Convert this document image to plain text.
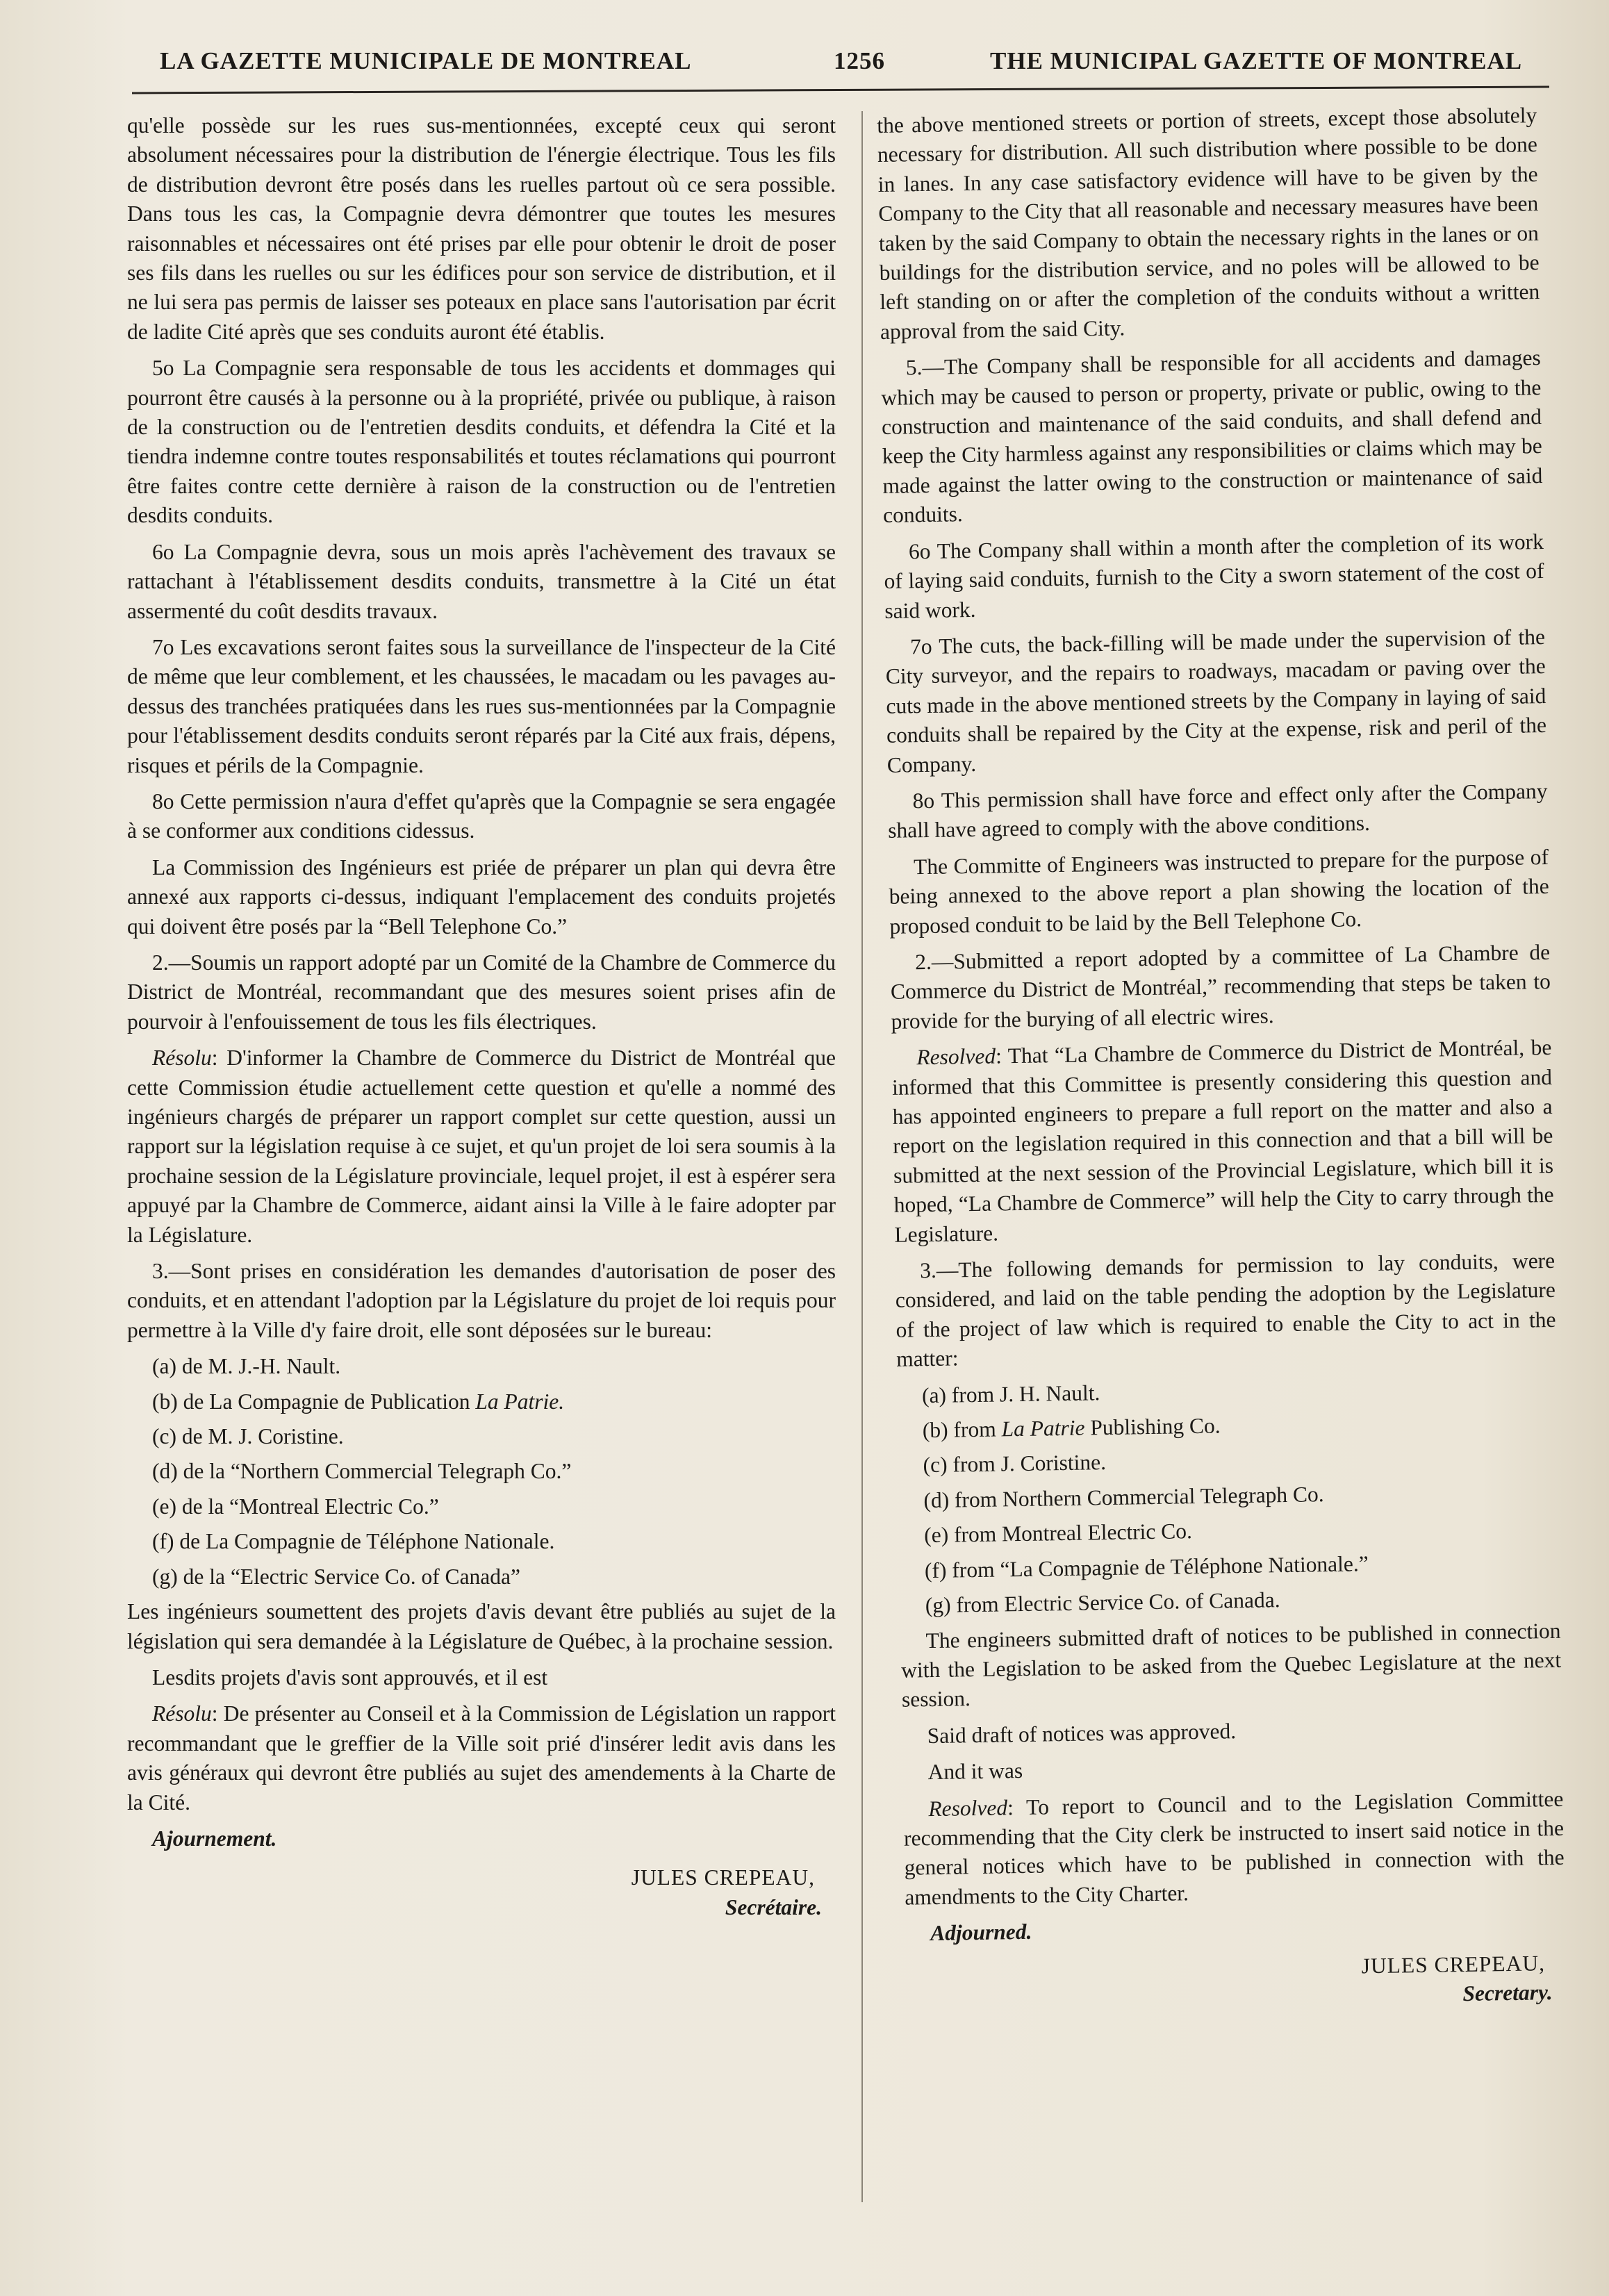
LA GAZETTE MUNICIPALE DE MONTREAL	1256	THE MUNICIPAL GAZETTE OF MONTREAL

qu'elle possède sur les rues sus-mentionnées, excepté ceux qui seront absolument nécessaires pour la distribution de l'énergie électrique. Tous les fils de distribution devront être posés dans les ruelles partout où ce sera possible. Dans tous les cas, la Compagnie devra démontrer que toutes les mesures raisonnables et nécessaires ont été prises par elle pour obtenir le droit de poser ses fils dans les ruelles ou sur les édifices pour son service de distribution, et il ne lui sera pas permis de laisser ses poteaux en place sans l'autorisation par écrit de ladite Cité après que ses conduits auront été établis.

5o La Compagnie sera responsable de tous les accidents et dommages qui pourront être causés à la personne ou à la propriété, privée ou publique, à raison de la construction ou de l'entretien desdits conduits, et défendra la Cité et la tiendra indemne contre toutes responsabilités et toutes réclamations qui pourront être faites contre cette dernière à raison de la construction ou de l'entretien desdits conduits.

6o La Compagnie devra, sous un mois après l'achèvement des travaux se rattachant à l'établissement desdits conduits, transmettre à la Cité un état assermenté du coût desdits travaux.

7o Les excavations seront faites sous la surveillance de l'inspecteur de la Cité de même que leur comblement, et les chaussées, le macadam ou les pavages au-dessus des tranchées pratiquées dans les rues sus-mentionnées par la Compagnie pour l'établissement desdits conduits seront réparés par la Cité aux frais, dépens, risques et périls de la Compagnie.

8o Cette permission n'aura d'effet qu'après que la Compagnie se sera engagée à se conformer aux conditions cidessus.

La Commission des Ingénieurs est priée de préparer un plan qui devra être annexé aux rapports ci-dessus, indiquant l'emplacement des conduits projetés qui doivent être posés par la “Bell Telephone Co.”

2.—Soumis un rapport adopté par un Comité de la Chambre de Commerce du District de Montréal, recommandant que des mesures soient prises afin de pourvoir à l'enfouissement de tous les fils électriques.

Résolu: D'informer la Chambre de Commerce du District de Montréal que cette Commission étudie actuellement cette question et qu'elle a nommé des ingénieurs chargés de préparer un rapport complet sur cette question, aussi un rapport sur la législation requise à ce sujet, et qu'un projet de loi sera soumis à la prochaine session de la Législature provinciale, lequel projet, il est à espérer sera appuyé par la Chambre de Commerce, aidant ainsi la Ville à le faire adopter par la Législature.

3.—Sont prises en considération les demandes d'autorisation de poser des conduits, et en attendant l'adoption par la Législature du projet de loi requis pour permettre à la Ville d'y faire droit, elle sont déposées sur le bureau:

(a) de M. J.-H. Nault.

(b) de La Compagnie de Publication La Patrie.

(c) de M. J. Coristine.

(d) de la “Northern Commercial Telegraph Co.”

(e) de la “Montreal Electric Co.”

(f) de La Compagnie de Téléphone Nationale.

(g) de la “Electric Service Co. of Canada”

Les ingénieurs soumettent des projets d'avis devant être publiés au sujet de la législation qui sera demandée à la Législature de Québec, à la prochaine session.

Lesdits projets d'avis sont approuvés, et il est

Résolu: De présenter au Conseil et à la Commission de Législation un rapport recommandant que le greffier de la Ville soit prié d'insérer ledit avis dans les avis généraux qui devront être publiés au sujet des amendements à la Charte de la Cité.

Ajournement.

JULES CREPEAU,

Secrétaire.

the above mentioned streets or portion of streets, except those absolutely necessary for distribution. All such distribution where possible to be done in lanes. In any case satisfactory evidence will have to be given by the Company to the City that all reasonable and necessary measures have been taken by the said Company to obtain the necessary rights in the lanes or on buildings for the distribution service, and no poles will be allowed to be left standing on or after the completion of the conduits without a written approval from the said City.

5.—The Company shall be responsible for all accidents and damages which may be caused to person or property, private or public, owing to the construction and maintenance of the said conduits, and shall defend and keep the City harmless against any responsibilities or claims which may be made against the latter owing to the construction or maintenance of said conduits.

6o The Company shall within a month after the completion of its work of laying said conduits, furnish to the City a sworn statement of the cost of said work.

7o The cuts, the back-filling will be made under the supervision of the City surveyor, and the repairs to roadways, macadam or paving over the cuts made in the above mentioned streets by the Company in laying of said conduits shall be repaired by the City at the expense, risk and peril of the Company.

8o This permission shall have force and effect only after the Company shall have agreed to comply with the above conditions.

The Committe of Engineers was instructed to prepare for the purpose of being annexed to the above report a plan showing the location of the proposed conduit to be laid by the Bell Telephone Co.

2.—Submitted a report adopted by a committee of La Chambre de Commerce du District de Montréal,” recommending that steps be taken to provide for the burying of all electric wires.

Resolved: That “La Chambre de Commerce du District de Montréal, be informed that this Committee is presently considering this question and has appointed engineers to prepare a full report on the matter and also a report on the legislation required in this connection and that a bill will be submitted at the next session of the Provincial Legislature, which bill it is hoped, “La Chambre de Commerce” will help the City to carry through the Legislature.

3.—The following demands for permission to lay conduits, were considered, and laid on the table pending the adoption by the Legislature of the project of law which is required to enable the City to act in the matter:

(a) from J. H. Nault.

(b) from La Patrie Publishing Co.

(c) from J. Coristine.

(d) from Northern Commercial Telegraph Co.

(e) from Montreal Electric Co.

(f) from “La Compagnie de Téléphone Nationale.”

(g) from Electric Service Co. of Canada.

The engineers submitted draft of notices to be published in connection with the Legislation to be asked from the Quebec Legislature at the next session.

Said draft of notices was approved.

And it was

Resolved: To report to Council and to the Legislation Committee recommending that the City clerk be instructed to insert said notice in the general notices which have to be published in connection with the amendments to the City Charter.

Adjourned.

JULES CREPEAU,

Secretary.
